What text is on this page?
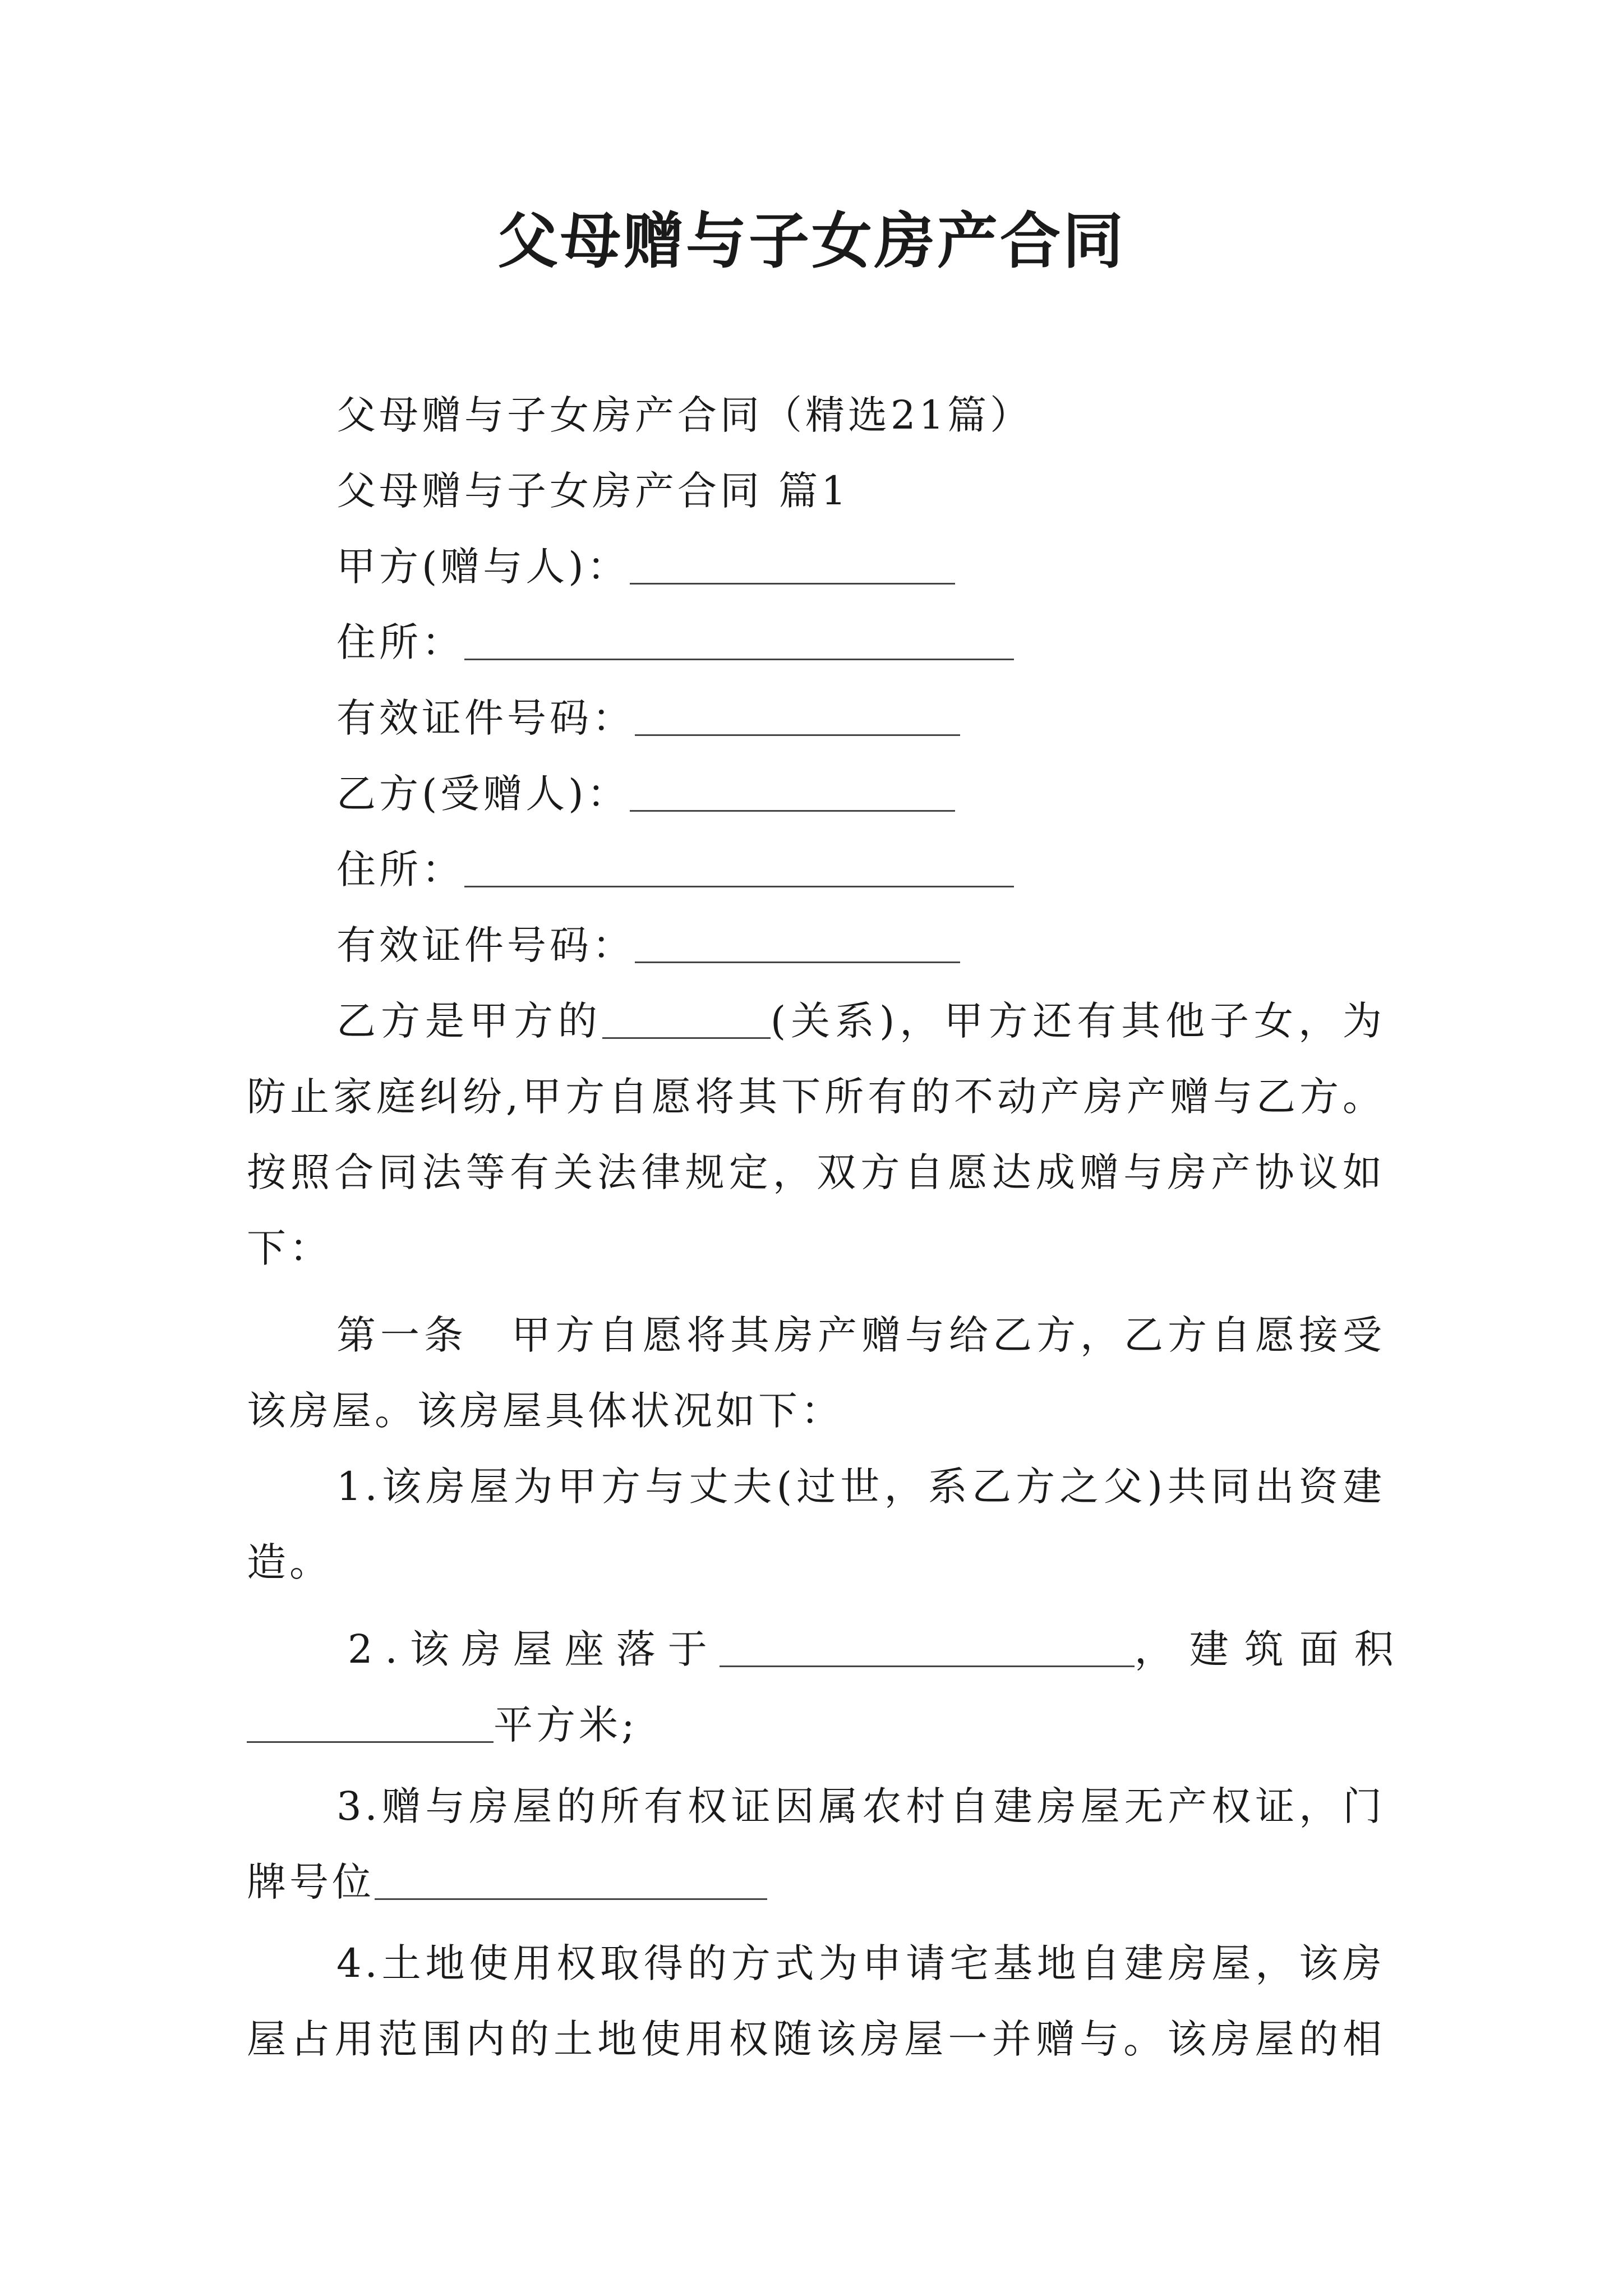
父母赠与子女房产合同
父母赠与子女房产合同（精选21篇）
父母赠与子女房产合同 篇1
甲方(赠与人)：
住所：
有效证件号码：
乙方(受赠人)：
住所：
有效证件号码：
乙方是甲方的	(关系)，甲方还有其他子女，为
防止家庭纠纷,甲方自愿将其下所有的不动产房产赠与乙方。
按照合同法等有关法律规定，双方自愿达成赠与房产协议如
下：
第一条　甲方自愿将其房产赠与给乙方，乙方自愿接受
该房屋。该房屋具体状况如下：
1.该房屋为甲方与丈夫(过世，系乙方之父)共同出资建
造。
2.该房屋座落于	，建筑面积
平方米;
3.赠与房屋的所有权证因属农村自建房屋无产权证，门
牌号位
4.土地使用权取得的方式为申请宅基地自建房屋，该房
屋占用范围内的土地使用权随该房屋一并赠与。该房屋的相
